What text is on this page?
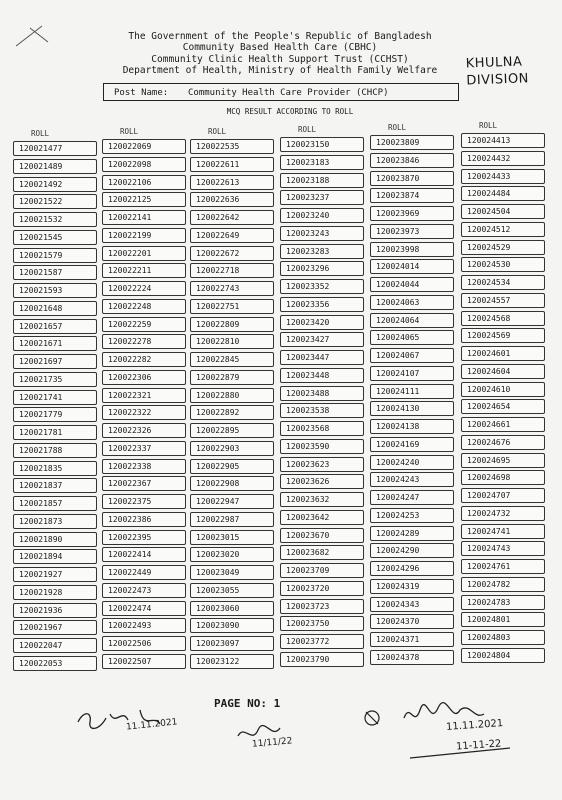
The Government of the People's Republic of Bangladesh
Community Based Health Care (CBHC)
Community Clinic Health Support Trust (CCHST)
Department of Health, Ministry of Health Family Welfare	KHULNA
DIVISION
Post Name: Community Health Care Provider (CHCP)
MCQ RESULT ACCORDING TO ROLL
ROLL
120021477
120021489
120021492
120021522
120021532
120021545
120021579
120021587
120021593
120021648
120021657
120021671
120021697
120021735
120021741
120021779
120021781
120021788
120021835
120021837
120021857
120021873
120021890
120021894
120021927
120021928
120021936
120021967
120022047
120022053
ROLL
120022069
120022098
120022106
120022125
120022141
120022199
120022201
120022211
120022224
120022248
120022259
120022278
120022282
120022306
120022321
120022322
120022326
120022337
120022338
120022367
120022375
120022386
120022395
120022414
120022449
120022473
120022474
120022493
120022506
120022507
ROLL
120022535
120022611
120022613
120022636
120022642
120022649
120022672
120022718
120022743
120022751
120022809
120022810
120022845
120022879
120022880
120022892
120022895
120022903
120022905
120022908
120022947
120022987
120023015
120023020
120023049
120023055
120023060
120023090
120023097
120023122
ROLL
120023150
120023183
120023188
120023237
120023240
120023243
120023283
120023296
120023352
120023356
120023420
120023427
120023447
120023448
120023488
120023538
120023568
120023590
120023623
120023626
120023632
120023642
120023670
120023682
120023709
120023720
120023723
120023750
120023772
120023790
ROLL
120023809
120023846
120023870
120023874
120023969
120023973
120023998
120024014
120024044
120024063
120024064
120024065
120024067
120024107
120024111
120024130
120024138
120024169
120024240
120024243
120024247
120024253
120024289
120024290
120024296
120024319
120024343
120024370
120024371
120024378
ROLL
120024413
120024432
120024433
120024484
120024504
120024512
120024529
120024530
120024534
120024557
120024568
120024569
120024601
120024604
120024610
120024654
120024661
120024676
120024695
120024698
120024707
120024732
120024741
120024743
120024761
120024782
120024783
120024801
120024803
120024804
PAGE NO: 1
11.11.2021
11/11/22
11.11.2021
11-11-22
